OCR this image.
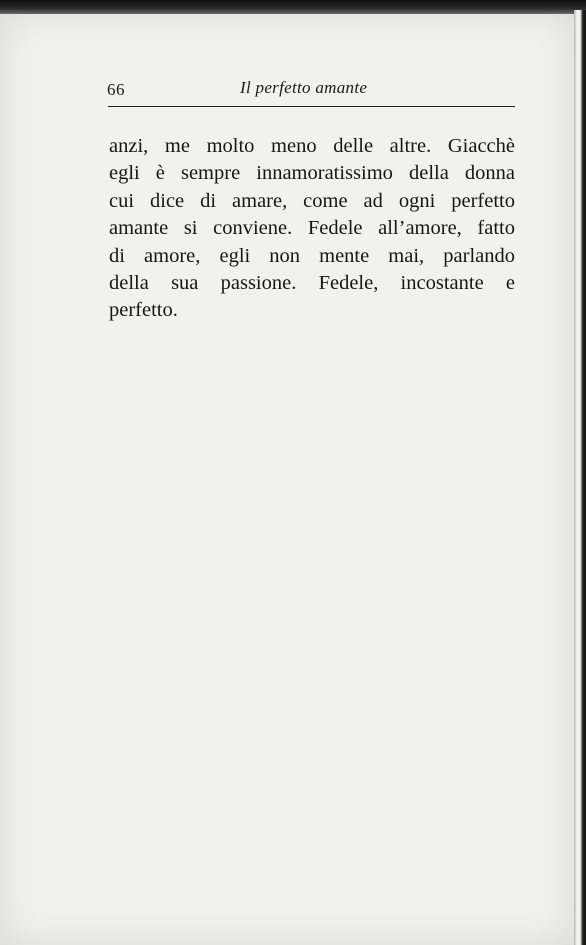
66	Il perfetto amante
anzi, me molto meno delle altre. Giacchè
egli è sempre innamoratissimo della donna
cui dice di amare, come ad ogni perfetto
amante si conviene. Fedele all’amore, fatto
di amore, egli non mente mai, parlando
della sua passione. Fedele, incostante e
perfetto.
